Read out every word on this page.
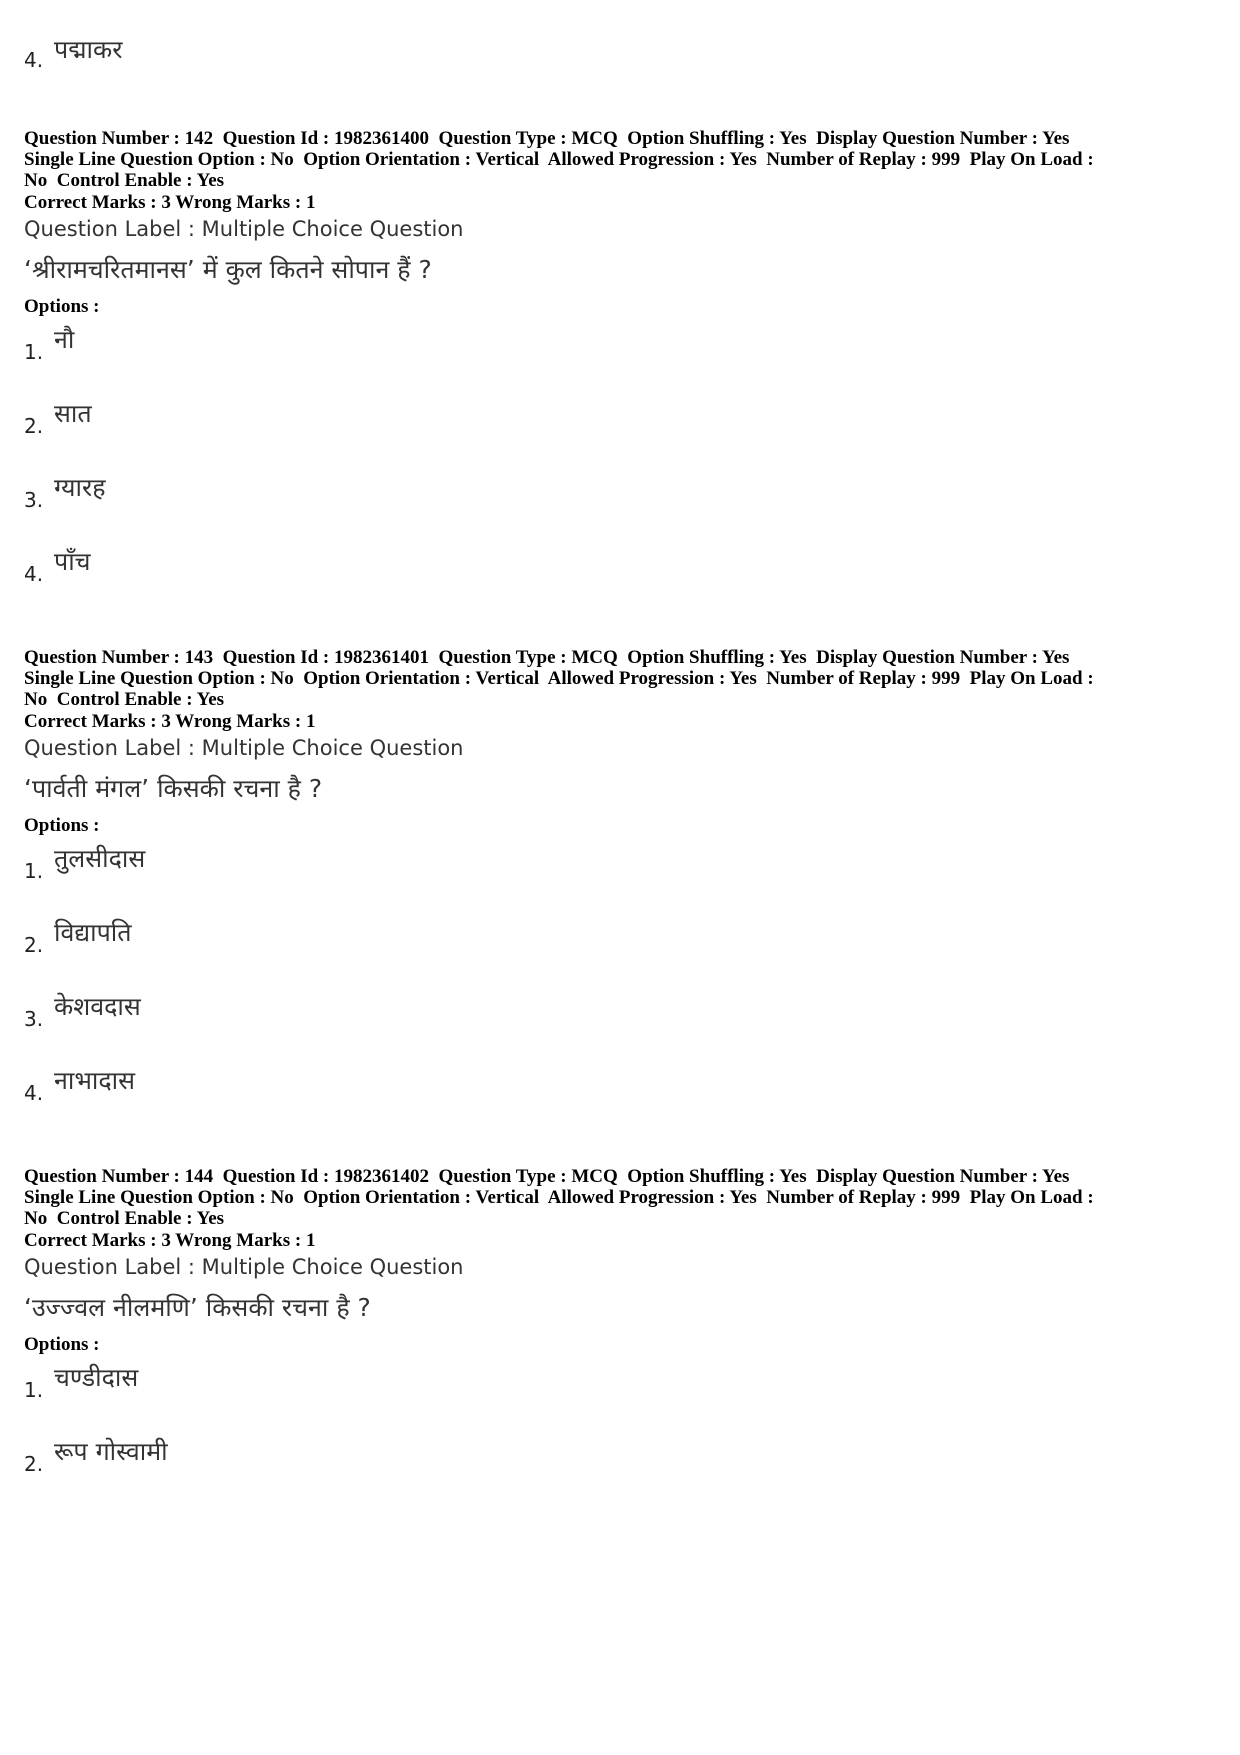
4. पद्माकर
Question Number : 142  Question Id : 1982361400  Question Type : MCQ  Option Shuffling : Yes  Display Question Number : Yes
Single Line Question Option : No  Option Orientation : Vertical  Allowed Progression : Yes  Number of Replay : 999  Play On Load :
No  Control Enable : Yes
Correct Marks : 3 Wrong Marks : 1
Question Label : Multiple Choice Question
‘श्रीरामचरितमानस’ में कुल कितने सोपान हैं ?
Options :
1. नौ
2. सात
3. ग्यारह
4. पाँच
Question Number : 143  Question Id : 1982361401  Question Type : MCQ  Option Shuffling : Yes  Display Question Number : Yes
Single Line Question Option : No  Option Orientation : Vertical  Allowed Progression : Yes  Number of Replay : 999  Play On Load :
No  Control Enable : Yes
Correct Marks : 3 Wrong Marks : 1
Question Label : Multiple Choice Question
‘पार्वती मंगल’ किसकी रचना है ?
Options :
1. तुलसीदास
2. विद्यापति
3. केशवदास
4. नाभादास
Question Number : 144  Question Id : 1982361402  Question Type : MCQ  Option Shuffling : Yes  Display Question Number : Yes
Single Line Question Option : No  Option Orientation : Vertical  Allowed Progression : Yes  Number of Replay : 999  Play On Load :
No  Control Enable : Yes
Correct Marks : 3 Wrong Marks : 1
Question Label : Multiple Choice Question
‘उज्ज्वल नीलमणि’ किसकी रचना है ?
Options :
1. चण्डीदास
2. रूप गोस्वामी
